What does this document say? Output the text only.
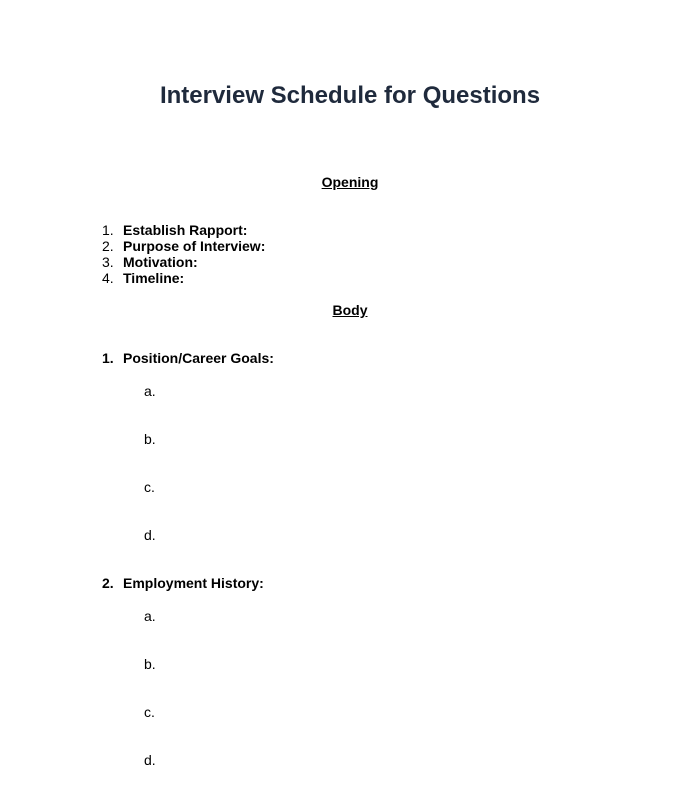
Interview Schedule for Questions
Opening
1. Establish Rapport:
2. Purpose of Interview:
3. Motivation:
4. Timeline:
Body
1. Position/Career Goals:
a.
b.
c.
d.
2. Employment History:
a.
b.
c.
d.
